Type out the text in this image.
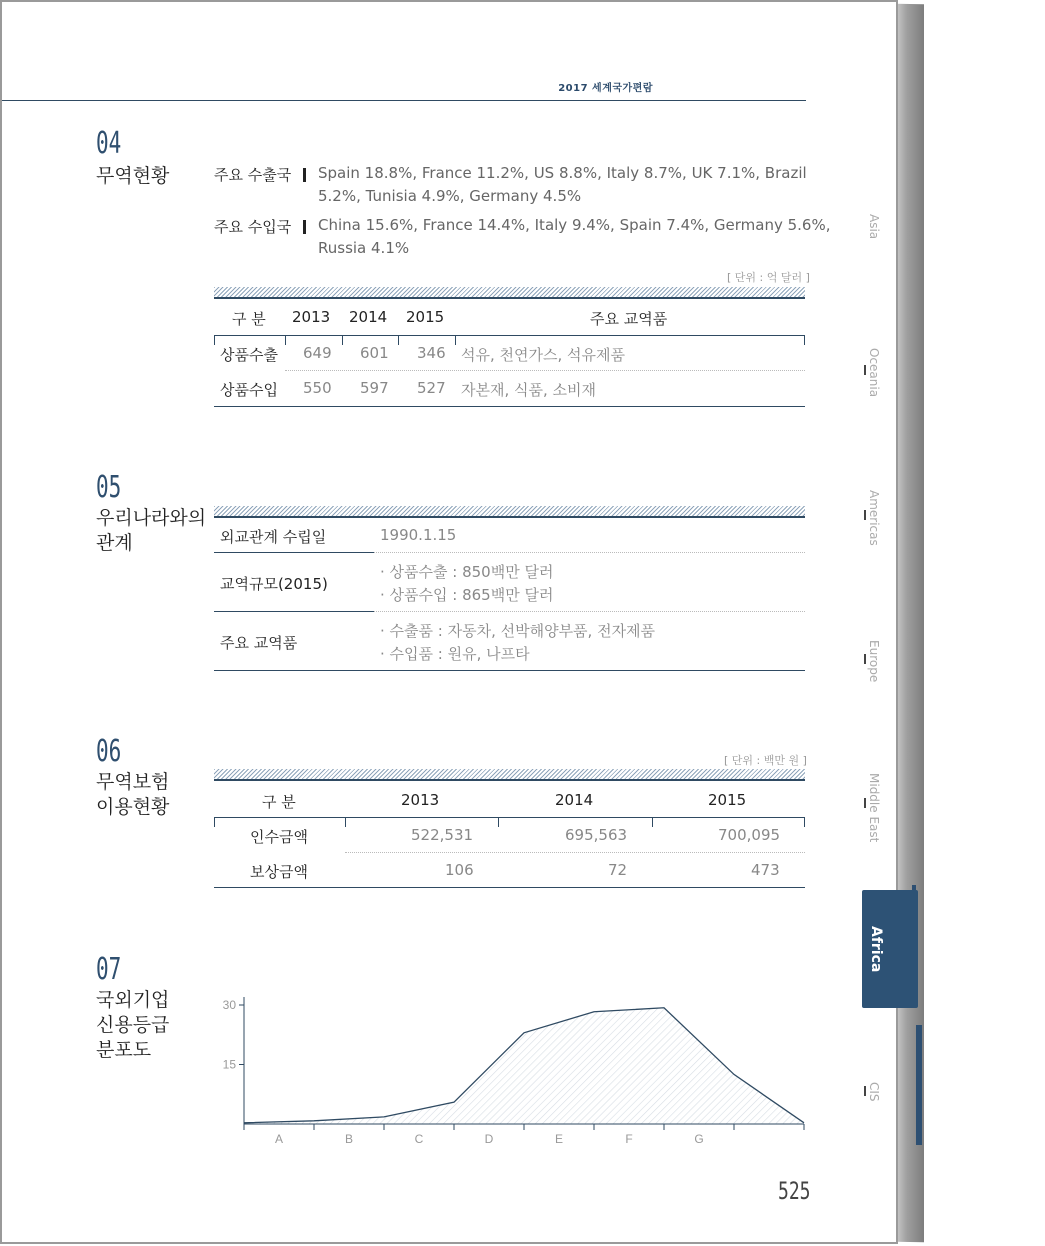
2017 세계국가편람
04
무역현황	주요 수출국 Spain 18.8%, France 11.2%, US 8.8%, Italy 8.7%, UK 7.1%, Brazil
5.2%, Tunisia 4.9%, Germany 4.5%
주요 수입국 China 15.6%, France 14.4%, Italy 9.4%, Spain 7.4%, Germany 5.6%,
Russia 4.1%
[ 단위 : 억 달러 ]
구 분 2013 2014 2015	주요 교역품
상품수출 649 601 346 석유, 천연가스, 석유제품
상품수입 550 597 527 자본재, 식품, 소비재
05
우리나라와의
관계	외교관계 수립일	1990.1.15
교역규모(2015)
· 상품수출 : 850백만 달러
· 상품수입 : 865백만 달러
주요 교역품
· 수출품 : 자동차, 선박해양부품, 전자제품
· 수입품 : 원유, 나프타
06
무역보험
이용현황
[ 단위 : 백만 원 ]
구 분	2013	2014	2015
인수금액	522,531	695,563	700,095
보상금액	106	72	473
07
국외기업
신용등급
분포도
15
30
A	B	C	D	E	F	G
Asia
Oceania
Americas
Europe
Middle East
Africa
CIS
525
